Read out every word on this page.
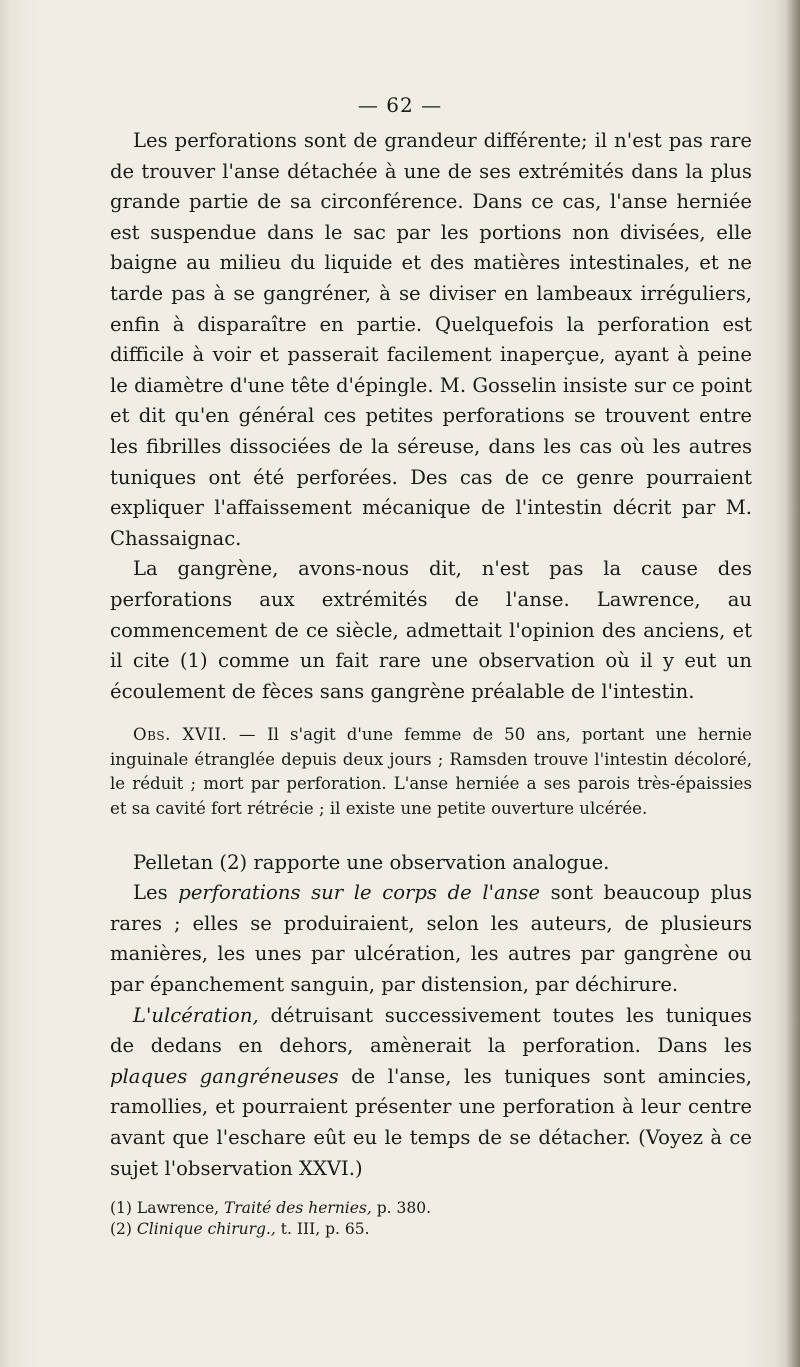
— 62 —

Les perforations sont de grandeur différente; il n'est pas rare de trouver l'anse détachée à une de ses extrémités dans la plus grande partie de sa circonférence. Dans ce cas, l'anse herniée est suspendue dans le sac par les portions non divisées, elle baigne au milieu du liquide et des matières intestinales, et ne tarde pas à se gangréner, à se diviser en lambeaux irréguliers, enfin à disparaître en partie. Quelquefois la perforation est difficile à voir et passerait facilement inaperçue, ayant à peine le diamètre d'une tête d'épingle. M. Gosselin insiste sur ce point et dit qu'en général ces petites perforations se trouvent entre les fibrilles dissociées de la séreuse, dans les cas où les autres tuniques ont été perforées. Des cas de ce genre pourraient expliquer l'affaissement mécanique de l'intestin décrit par M. Chassaignac.

La gangrène, avons-nous dit, n'est pas la cause des perforations aux extrémités de l'anse. Lawrence, au commencement de ce siècle, admettait l'opinion des anciens, et il cite (1) comme un fait rare une observation où il y eut un écoulement de fèces sans gangrène préalable de l'intestin.

Obs. XVII. — Il s'agit d'une femme de 50 ans, portant une hernie inguinale étranglée depuis deux jours ; Ramsden trouve l'intestin décoloré, le réduit ; mort par perforation. L'anse herniée a ses parois très-épaissies et sa cavité fort rétrécie ; il existe une petite ouverture ulcérée.

Pelletan (2) rapporte une observation analogue.

Les perforations sur le corps de l'anse sont beaucoup plus rares ; elles se produiraient, selon les auteurs, de plusieurs manières, les unes par ulcération, les autres par gangrène ou par épanchement sanguin, par distension, par déchirure.

L'ulcération, détruisant successivement toutes les tuniques de dedans en dehors, amènerait la perforation. Dans les plaques gangréneuses de l'anse, les tuniques sont amincies, ramollies, et pourraient présenter une perforation à leur centre avant que l'eschare eût eu le temps de se détacher. (Voyez à ce sujet l'observation XXVI.)

(1) Lawrence, Traité des hernies, p. 380.
(2) Clinique chirurg., t. III, p. 65.
